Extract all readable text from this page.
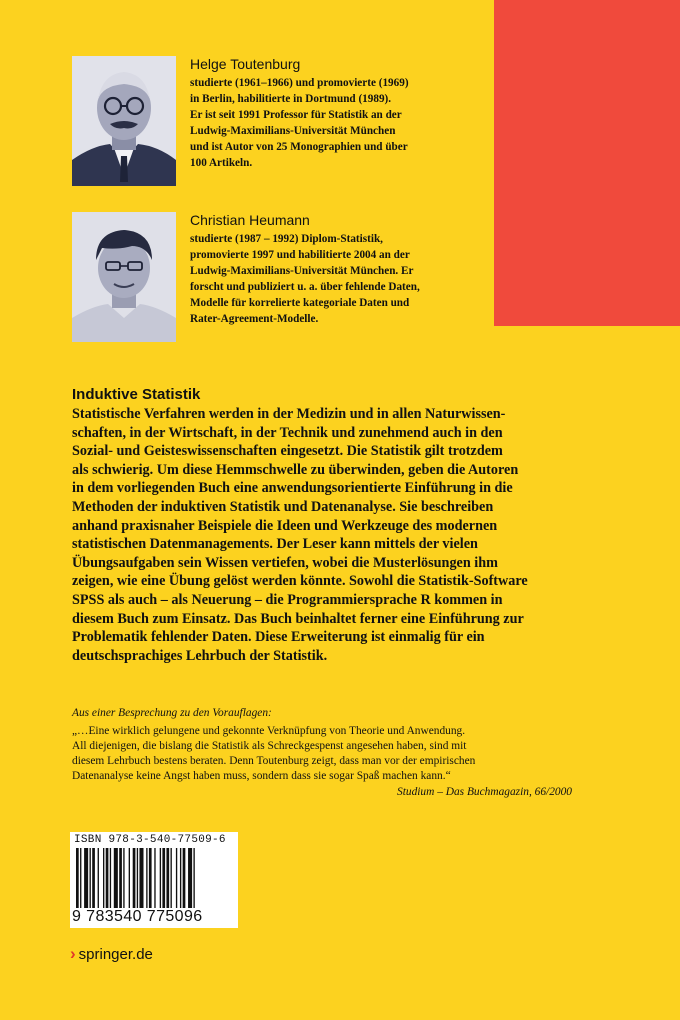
Helge Toutenburg
studierte (1961–1966) und promovierte (1969)
in Berlin, habilitierte in Dortmund (1989).
Er ist seit 1991 Professor für Statistik an der
Ludwig-Maximilians-Universität München
und ist Autor von 25 Monographien und über
100 Artikeln.
Christian Heumann
studierte (1987 – 1992) Diplom-Statistik,
promovierte 1997 und habilitierte 2004 an der
Ludwig-Maximilians-Universität München. Er
forscht und publiziert u. a. über fehlende Daten,
Modelle für korrelierte kategoriale Daten und
Rater-Agreement-Modelle.
Induktive Statistik
Statistische Verfahren werden in der Medizin und in allen Naturwissen-
schaften, in der Wirtschaft, in der Technik und zunehmend auch in den
Sozial- und Geisteswissenschaften eingesetzt. Die Statistik gilt trotzdem
als schwierig. Um diese Hemmschwelle zu überwinden, geben die Autoren
in dem vorliegenden Buch eine anwendungsorientierte Einführung in die
Methoden der induktiven Statistik und Datenanalyse. Sie beschreiben
anhand praxisnaher Beispiele die Ideen und Werkzeuge des modernen
statistischen Datenmanagements. Der Leser kann mittels der vielen
Übungsaufgaben sein Wissen vertiefen, wobei die Musterlösungen ihm
zeigen, wie eine Übung gelöst werden könnte. Sowohl die Statistik-Software
SPSS als auch – als Neuerung – die Programmiersprache R kommen in
diesem Buch zum Einsatz. Das Buch beinhaltet ferner eine Einführung zur
Problematik fehlender Daten. Diese Erweiterung ist einmalig für ein
deutschsprachiges Lehrbuch der Statistik.
Aus einer Besprechung zu den Vorauflagen:
„…Eine wirklich gelungene und gekonnte Verknüpfung von Theorie und Anwendung.
All diejenigen, die bislang die Statistik als Schreckgespenst angesehen haben, sind mit
diesem Lehrbuch bestens beraten. Denn Toutenburg zeigt, dass man vor der empirischen
Datenanalyse keine Angst haben muss, sondern dass sie sogar Spaß machen kann.“
Studium – Das Buchmagazin, 66/2000
ISBN 978-3-540-77509-6
9 783540 775096
› springer.de
